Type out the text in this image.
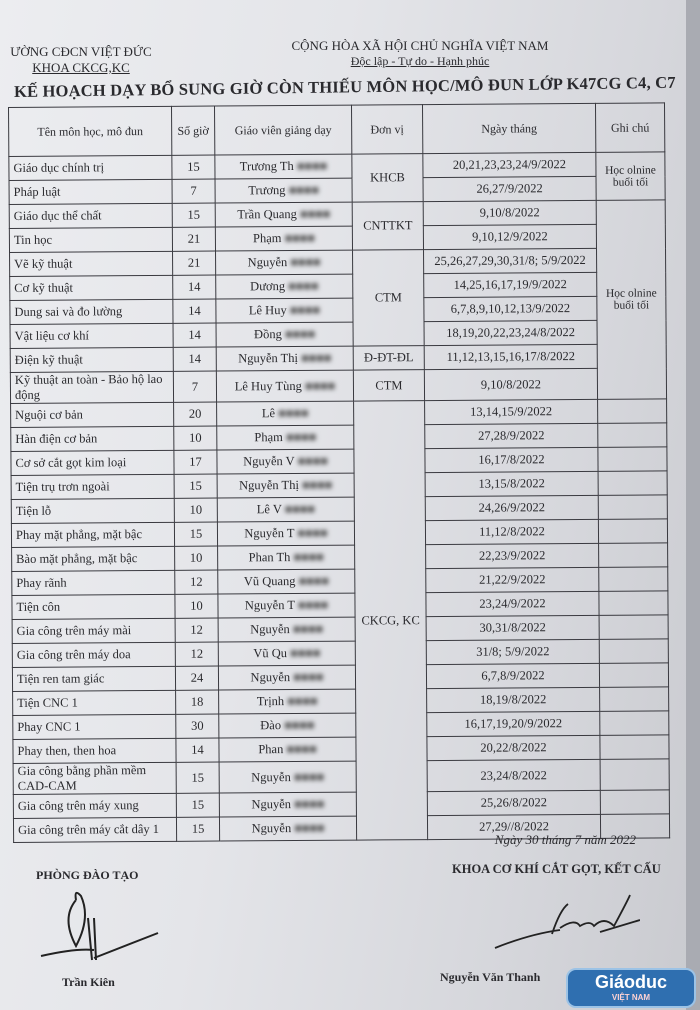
ƯỜNG CĐCN VIỆT ĐỨC
KHOA CKCG,KC
CỘNG HÒA XÃ HỘI CHỦ NGHĨA VIỆT NAM
Độc lập - Tự do - Hạnh phúc
KẾ HOẠCH DẠY BỔ SUNG GIỜ CÒN THIẾU MÔN HỌC/MÔ ĐUN LỚP K47CG C4, C7
Tên môn học, mô đun	Số giờ	Giáo viên giảng dạy	Đơn vị	Ngày tháng	Ghi chú
Giáo dục chính trị	15	Trương Th ■■■■	KHCB	20,21,23,23,24/9/2022	Học olnine buổi tối
Pháp luật	7	Trương ■■■■		26,27/9/2022	
Giáo dục thể chất	15	Trần Quang ■■■■	CNTTKT	9,10/8/2022	Học olnine buổi tối
Tin học	21	Phạm ■■■■		9,10,12/9/2022	
Vẽ kỹ thuật	21	Nguyễn ■■■■	CTM	25,26,27,29,30,31/8; 5/9/2022	
Cơ kỹ thuật	14	Dương ■■■■		14,25,16,17,19/9/2022	
Dung sai và đo lường	14	Lê Huy ■■■■		6,7,8,9,10,12,13/9/2022	
Vật liệu cơ khí	14	Đồng ■■■■		18,19,20,22,23,24/8/2022	
Điện kỹ thuật	14	Nguyễn Thị ■■■■	Đ-ĐT-ĐL	11,12,13,15,16,17/8/2022	
Kỹ thuật an toàn - Bảo hộ lao động	7	Lê Huy Tùng ■■■■	CTM	9,10/8/2022	
Nguội cơ bản	20	Lê ■■■■	CKCG, KC	13,14,15/9/2022	
Hàn điện cơ bản	10	Phạm ■■■■		27,28/9/2022	
Cơ sở cắt gọt kim loại	17	Nguyễn V ■■■■		16,17/8/2022	
Tiện trụ trơn ngoài	15	Nguyễn Thị ■■■■		13,15/8/2022	
Tiện lỗ	10	Lê V ■■■■		24,26/9/2022	
Phay mặt phẳng, mặt bậc	15	Nguyễn T ■■■■		11,12/8/2022	
Bào mặt phẳng, mặt bậc	10	Phan Th ■■■■		22,23/9/2022	
Phay rãnh	12	Vũ Quang ■■■■		21,22/9/2022	
Tiện côn	10	Nguyễn T ■■■■		23,24/9/2022	
Gia công trên máy mài	12	Nguyễn ■■■■		30,31/8/2022	
Gia công trên máy doa	12	Vũ Qu ■■■■		31/8; 5/9/2022	
Tiện ren tam giác	24	Nguyễn ■■■■		6,7,8/9/2022	
Tiện CNC 1	18	Trịnh ■■■■		18,19/8/2022	
Phay CNC 1	30	Đào ■■■■		16,17,19,20/9/2022	
Phay then, then hoa	14	Phan ■■■■		20,22/8/2022	
Gia công bằng phần mềm CAD-CAM	15	Nguyễn ■■■■		23,24/8/2022	
Gia công trên máy xung	15	Nguyễn ■■■■		25,26/8/2022	
Gia công trên máy cắt dây 1	15	Nguyễn ■■■■		27,29//8/2022	
Ngày 30 tháng 7 năm 2022
PHÒNG ĐÀO TẠO	KHOA CƠ KHÍ CẮT GỌT, KẾT CẤU
Trần Kiên	Nguyễn Văn Thanh	Giáoduc
VIỆT NAM
